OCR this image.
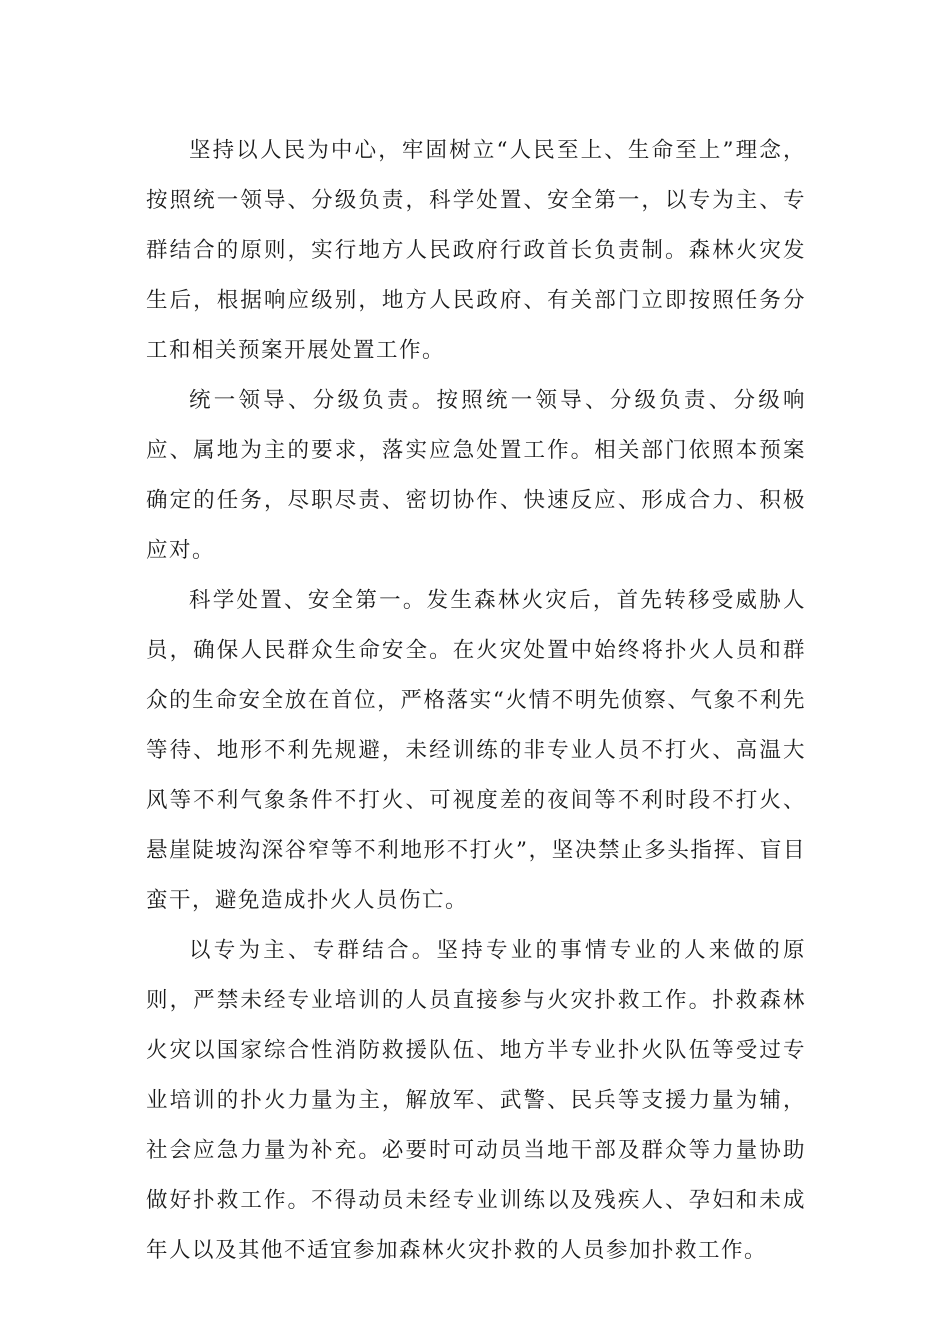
坚持以人民为中心，牢固树立“人民至上、生命至上”理念，按照统一领导、分级负责，科学处置、安全第一，以专为主、专群结合的原则，实行地方人民政府行政首长负责制。森林火灾发生后，根据响应级别，地方人民政府、有关部门立即按照任务分工和相关预案开展处置工作。

统一领导、分级负责。按照统一领导、分级负责、分级响应、属地为主的要求，落实应急处置工作。相关部门依照本预案确定的任务，尽职尽责、密切协作、快速反应、形成合力、积极应对。

科学处置、安全第一。发生森林火灾后，首先转移受威胁人员，确保人民群众生命安全。在火灾处置中始终将扑火人员和群众的生命安全放在首位，严格落实“火情不明先侦察、气象不利先等待、地形不利先规避，未经训练的非专业人员不打火、高温大风等不利气象条件不打火、可视度差的夜间等不利时段不打火、悬崖陡坡沟深谷窄等不利地形不打火”，坚决禁止多头指挥、盲目蛮干，避免造成扑火人员伤亡。

以专为主、专群结合。坚持专业的事情专业的人来做的原则，严禁未经专业培训的人员直接参与火灾扑救工作。扑救森林火灾以国家综合性消防救援队伍、地方半专业扑火队伍等受过专业培训的扑火力量为主，解放军、武警、民兵等支援力量为辅，社会应急力量为补充。必要时可动员当地干部及群众等力量协助做好扑救工作。不得动员未经专业训练以及残疾人、孕妇和未成年人以及其他不适宜参加森林火灾扑救的人员参加扑救工作。
